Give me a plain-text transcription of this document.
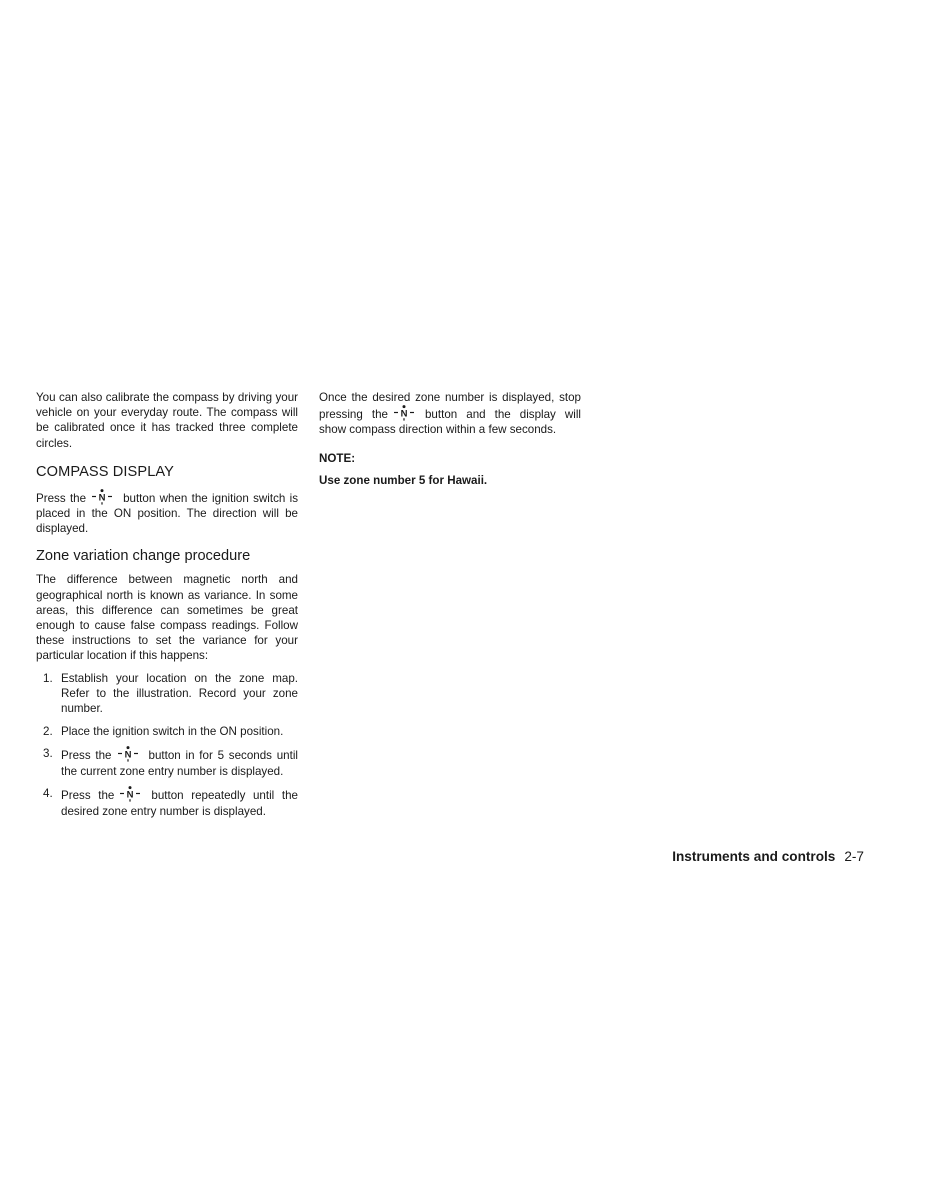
You can also calibrate the compass by driving your vehicle on your everyday route. The compass will be calibrated once it has tracked three complete circles.

COMPASS DISPLAY

Press the N button when the ignition switch is placed in the ON position. The direction will be displayed.

Zone variation change procedure

The difference between magnetic north and geographical north is known as variance. In some areas, this difference can sometimes be great enough to cause false compass readings. Follow these instructions to set the variance for your particular location if this happens:

1. Establish your location on the zone map. Refer to the illustration. Record your zone number.
2. Place the ignition switch in the ON position.
3. Press the N button in for 5 seconds until the current zone entry number is displayed.
4. Press the N button repeatedly until the desired zone entry number is displayed.

Once the desired zone number is displayed, stop pressing the N button and the display will show compass direction within a few seconds.

NOTE:

Use zone number 5 for Hawaii.

Instruments and controls 2-7
